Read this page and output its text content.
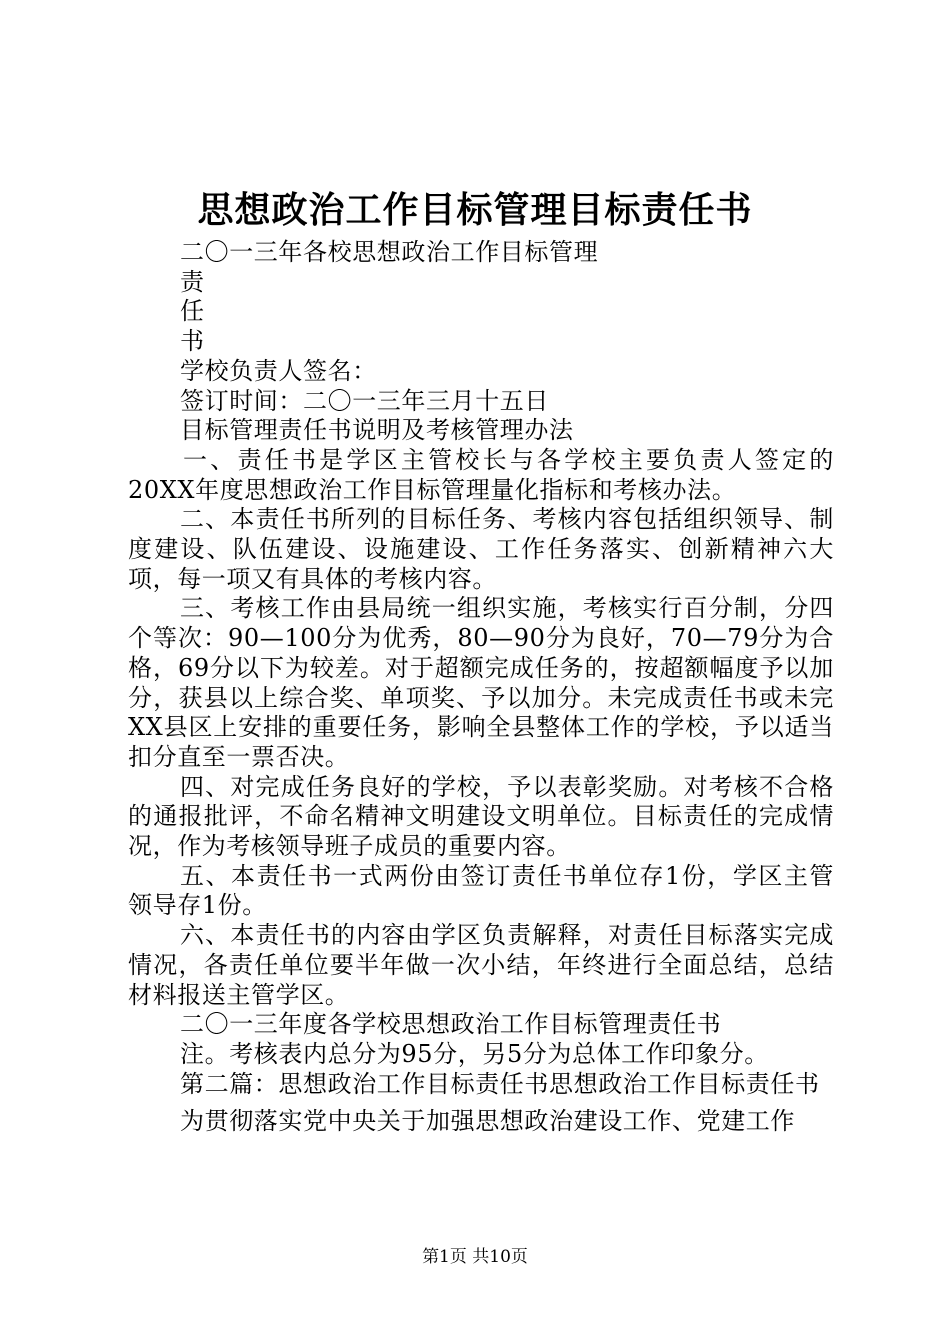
思想政治工作目标管理目标责任书

二〇一三年各校思想政治工作目标管理

责

任

书

学校负责人签名：

签订时间：二〇一三年三月十五日

目标管理责任书说明及考核管理办法

一、责任书是学区主管校长与各学校主要负责人签定的20XX年度思想政治工作目标管理量化指标和考核办法。

二、本责任书所列的目标任务、考核内容包括组织领导、制度建设、队伍建设、设施建设、工作任务落实、创新精神六大项，每一项又有具体的考核内容。

三、考核工作由县局统一组织实施，考核实行百分制，分四个等次：90—100分为优秀，80—90分为良好，70—79分为合格，69分以下为较差。对于超额完成任务的，按超额幅度予以加分，获县以上综合奖、单项奖、予以加分。未完成责任书或未完XX县区上安排的重要任务，影响全县整体工作的学校，予以适当扣分直至一票否决。

四、对完成任务良好的学校，予以表彰奖励。对考核不合格的通报批评，不命名精神文明建设文明单位。目标责任的完成情况，作为考核领导班子成员的重要内容。

五、本责任书一式两份由签订责任书单位存1份，学区主管领导存1份。

六、本责任书的内容由学区负责解释，对责任目标落实完成情况，各责任单位要半年做一次小结，年终进行全面总结，总结材料报送主管学区。

二〇一三年度各学校思想政治工作目标管理责任书

注。考核表内总分为95分，另5分为总体工作印象分。

第二篇：思想政治工作目标责任书思想政治工作目标责任书

为贯彻落实党中央关于加强思想政治建设工作、党建工作

第1页 共10页
